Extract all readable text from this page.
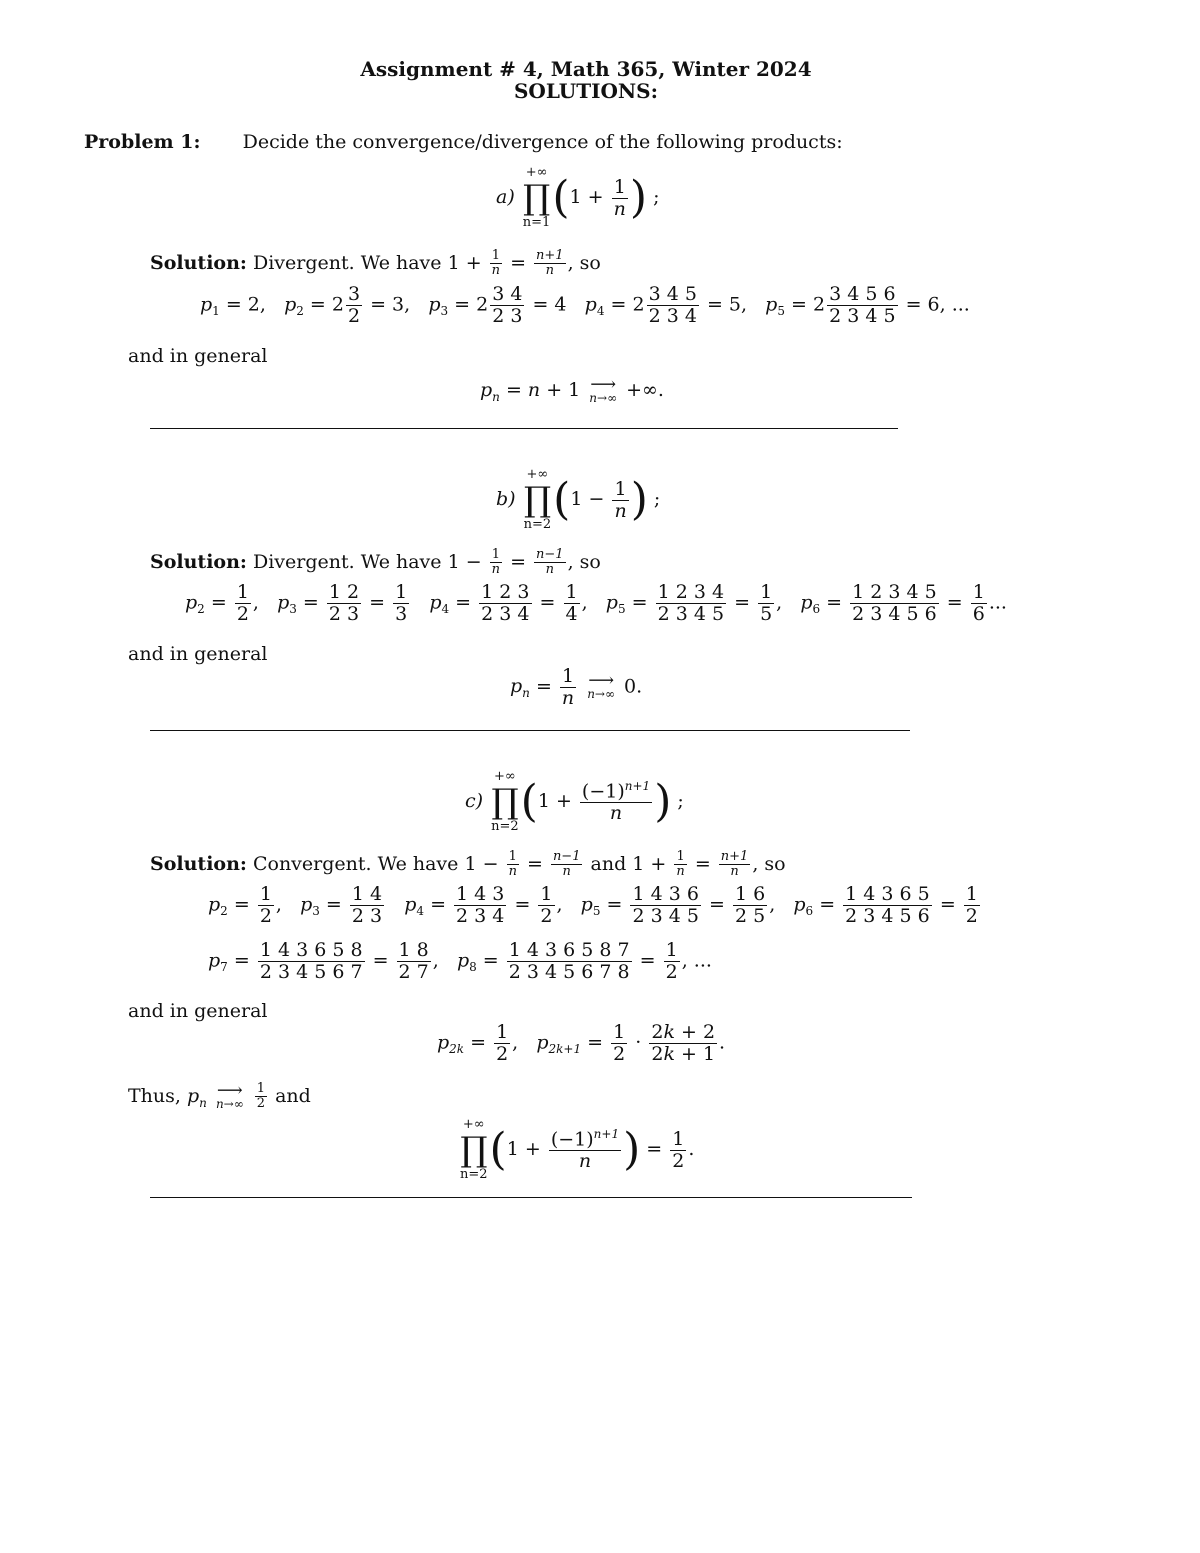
Assignment # 4, Math 365, Winter 2024
SOLUTIONS:
Problem 1: Decide the convergence/divergence of the following products:
a)
+∞
∏
n=1 ($1 + \frac{1}{n}$ ) ;
Solution: Divergent. We have $1 + \frac{1}{n} = \frac{n+1}{n}$ , so
$p_1 = 2$,   $p_2 = 2 \frac{3}{2} = 3$,   $p_3 = 2 \frac{3 4}{2 3} = 4$   $p_4 = 2 \frac{3 4 5}{2 3 4} = 5$,   $p_5 = 2 \frac{3 4 5 6}{2 3 4 5} = 6$, ...
and in general
$p_n = n + 1$ ⟶
n→∞ +∞.
b)
+∞
∏
n=2 ($1 - \frac{1}{n}$ ) ;
Solution: Divergent. We have $1 - \frac{1}{n} = \frac{n-1}{n}$ , so
$p_2 = \frac{1}{2}$ ,   $p_3 = \frac{1 2}{2 3} = \frac{1}{3} p_4 = \frac{1 2 3}{2 3 4} = \frac{1}{4}$ ,   $p_5 = \frac{1 2 3 4}{2 3 4 5} = \frac{1}{5}$ ,   $p_6 = \frac{1 2 3 4 5}{2 3 4 5 6} = \frac{1}{6}$ ...
and in general
$p_n = \frac{1}{n}$
⟶
n→∞ 0.
c)
+∞
∏
n=2 ($1 + \frac{(-1)^{n+1}}{n}$ ) ;
Solution: Convergent. We have $1 - \frac{1}{n} = \frac{n-1}{n}$ and $1 + \frac{1}{n} = \frac{n+1}{n}$ , so
$p_2 = \frac{1}{2}$ ,   $p_3 = \frac{1 4}{2 3} p_4 = \frac{1 4 3}{2 3 4} = \frac{1}{2}$ ,   $p_5 = \frac{1 4 3 6}{2 3 4 5} = \frac{1 6}{2 5}$ ,   $p_6 = \frac{1 4 3 6 5}{2 3 4 5 6} = \frac{1}{2}$
$p_7 = \frac{1 4 3 6 5 8}{2 3 4 5 6 7} = \frac{1 8}{2 7}$ ,   $p_8 = \frac{1 4 3 6 5 8 7}{2 3 4 5 6 7 8} = \frac{1}{2}$ , ...
and in general
$p_{2k} = \frac{1}{2}$ ,   $p_{2k+1} = \frac{1}{2} \cdot \frac{2k + 2}{2k + 1}$ .
Thus, $p_n$
⟶
n→∞
$\frac{1}{2}$ and
+∞
∏
n=2 ($1 + \frac{(-1)^{n+1}}{n}$ ) = $\frac{1}{2}$ .
